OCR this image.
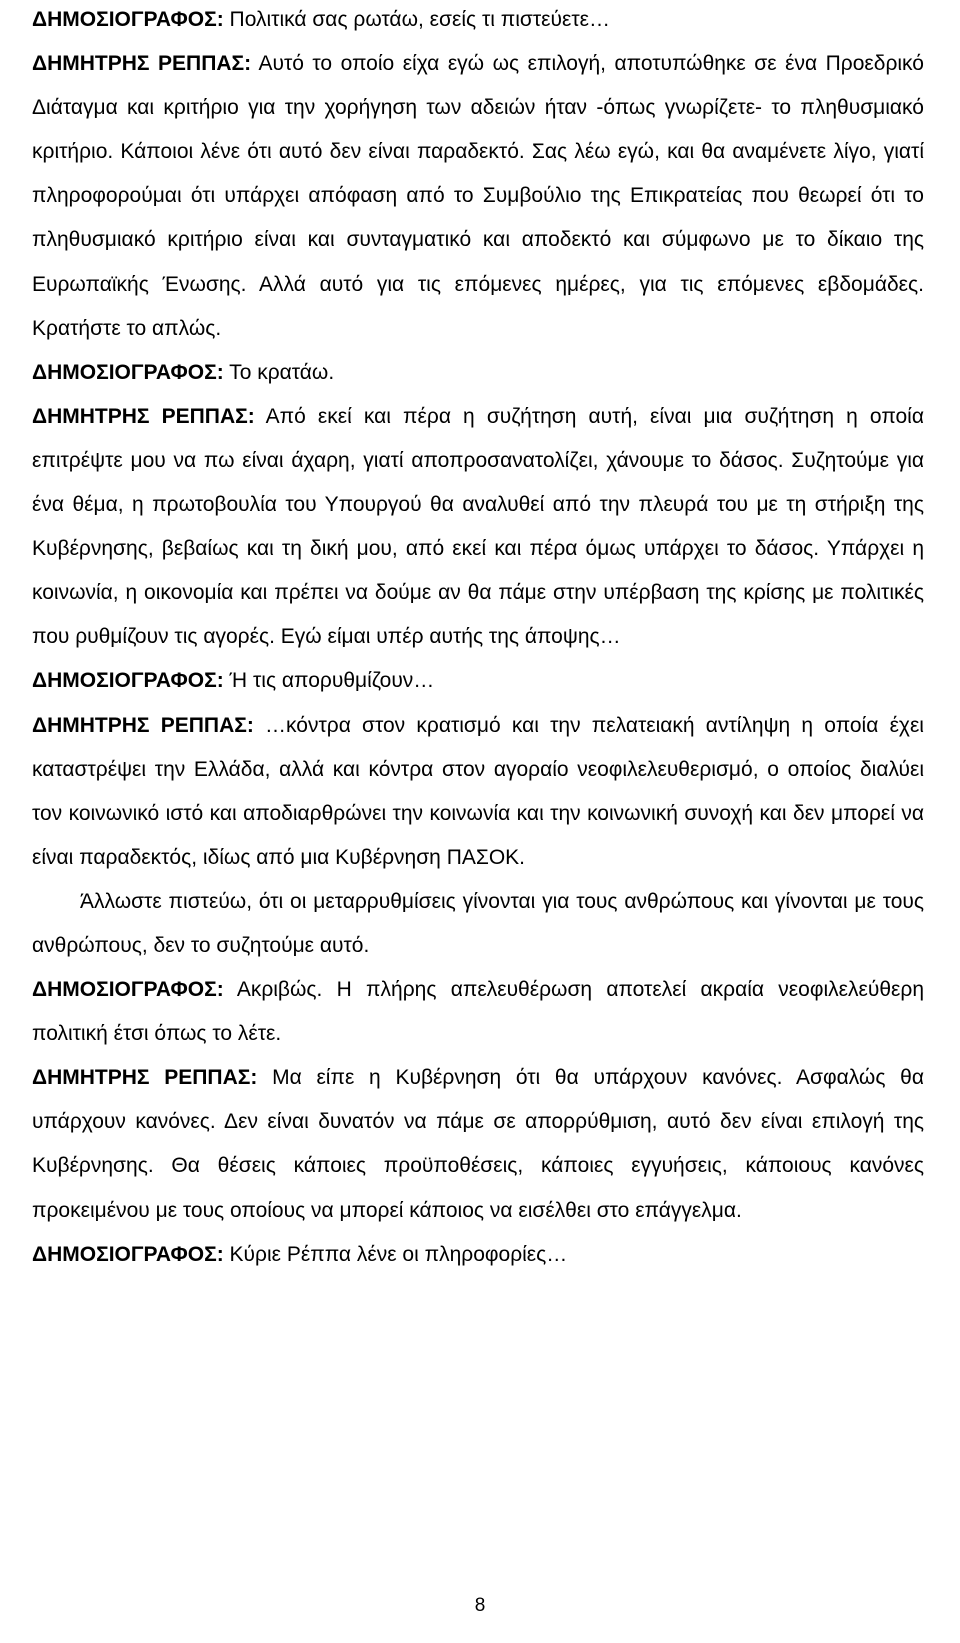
ΔΗΜΟΣΙΟΓΡΑΦΟΣ: Πολιτικά σας ρωτάω, εσείς τι πιστεύετε…

ΔΗΜΗΤΡΗΣ ΡΕΠΠΑΣ: Αυτό το οποίο είχα εγώ ως επιλογή, αποτυπώθηκε σε ένα Προεδρικό Διάταγμα και κριτήριο για την χορήγηση των αδειών ήταν -όπως γνωρίζετε- το πληθυσμιακό κριτήριο. Κάποιοι λένε ότι αυτό δεν είναι παραδεκτό. Σας λέω εγώ, και θα αναμένετε λίγο, γιατί πληροφορούμαι ότι υπάρχει απόφαση από το Συμβούλιο της Επικρατείας που θεωρεί ότι το πληθυσμιακό κριτήριο είναι και συνταγματικό και αποδεκτό και σύμφωνο με το δίκαιο της Ευρωπαϊκής Ένωσης. Αλλά αυτό για τις επόμενες ημέρες, για τις επόμενες εβδομάδες. Κρατήστε το απλώς.

ΔΗΜΟΣΙΟΓΡΑΦΟΣ: Το κρατάω.

ΔΗΜΗΤΡΗΣ ΡΕΠΠΑΣ: Από εκεί και πέρα η συζήτηση αυτή, είναι μια συζήτηση η οποία επιτρέψτε μου να πω είναι άχαρη, γιατί αποπροσανατολίζει, χάνουμε το δάσος. Συζητούμε για ένα θέμα, η πρωτοβουλία του Υπουργού θα αναλυθεί από την πλευρά του με τη στήριξη της Κυβέρνησης, βεβαίως και τη δική μου, από εκεί και πέρα όμως υπάρχει το δάσος. Υπάρχει η κοινωνία, η οικονομία και πρέπει να δούμε αν θα πάμε στην υπέρβαση της κρίσης με πολιτικές που ρυθμίζουν τις αγορές. Εγώ είμαι υπέρ αυτής της άποψης…

ΔΗΜΟΣΙΟΓΡΑΦΟΣ: Ή τις απορυθμίζουν…

ΔΗΜΗΤΡΗΣ ΡΕΠΠΑΣ: …κόντρα στον κρατισμό και την πελατειακή αντίληψη η οποία έχει καταστρέψει την Ελλάδα, αλλά και κόντρα στον αγοραίο νεοφιλελευθερισμό, ο οποίος διαλύει τον κοινωνικό ιστό και αποδιαρθρώνει την κοινωνία και την κοινωνική συνοχή και δεν μπορεί να είναι παραδεκτός, ιδίως από μια Κυβέρνηση ΠΑΣΟΚ.

Άλλωστε πιστεύω, ότι οι μεταρρυθμίσεις γίνονται για τους ανθρώπους και γίνονται με τους ανθρώπους, δεν το συζητούμε αυτό.

ΔΗΜΟΣΙΟΓΡΑΦΟΣ: Ακριβώς. Η πλήρης απελευθέρωση αποτελεί ακραία νεοφιλελεύθερη πολιτική έτσι όπως το λέτε.

ΔΗΜΗΤΡΗΣ ΡΕΠΠΑΣ: Μα είπε η Κυβέρνηση ότι θα υπάρχουν κανόνες. Ασφαλώς θα υπάρχουν κανόνες. Δεν είναι δυνατόν να πάμε σε απορρύθμιση, αυτό δεν είναι επιλογή της Κυβέρνησης. Θα θέσεις κάποιες προϋποθέσεις, κάποιες εγγυήσεις, κάποιους κανόνες προκειμένου με τους οποίους να μπορεί κάποιος να εισέλθει στο επάγγελμα.

ΔΗΜΟΣΙΟΓΡΑΦΟΣ: Κύριε Ρέππα λένε οι πληροφορίες…

8
